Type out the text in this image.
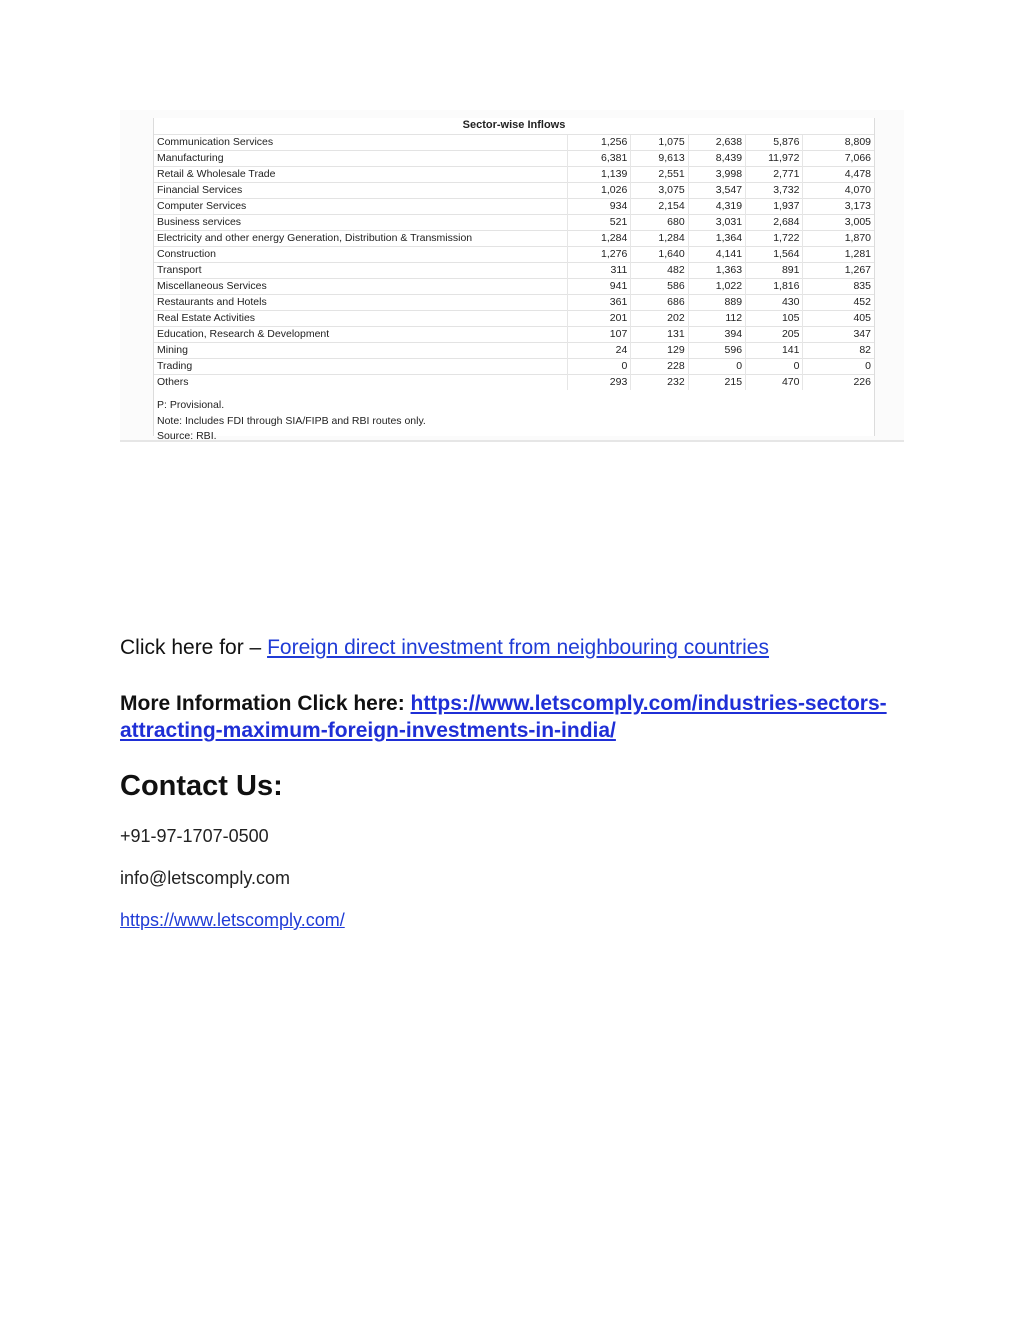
Sector-wise Inflows
Communication Services	1,256	1,075	2,638	5,876	8,809
Manufacturing	6,381	9,613	8,439	11,972	7,066
Retail & Wholesale Trade	1,139	2,551	3,998	2,771	4,478
Financial Services	1,026	3,075	3,547	3,732	4,070
Computer Services	934	2,154	4,319	1,937	3,173
Business services	521	680	3,031	2,684	3,005
Electricity and other energy Generation, Distribution & Transmission	1,284	1,284	1,364	1,722	1,870
Construction	1,276	1,640	4,141	1,564	1,281
Transport	311	482	1,363	891	1,267
Miscellaneous Services	941	586	1,022	1,816	835
Restaurants and Hotels	361	686	889	430	452
Real Estate Activities	201	202	112	105	405
Education, Research & Development	107	131	394	205	347
Mining	24	129	596	141	82
Trading	0	228	0	0	0
Others	293	232	215	470	226
P: Provisional.
Note: Includes FDI through SIA/FIPB and RBI routes only.
Source: RBI.
Click here for – Foreign direct investment from neighbouring countries
More Information Click here: https://www.letscomply.com/industries-sectors-attracting-maximum-foreign-investments-in-india/
Contact Us:
+91-97-1707-0500
info@letscomply.com
https://www.letscomply.com/
